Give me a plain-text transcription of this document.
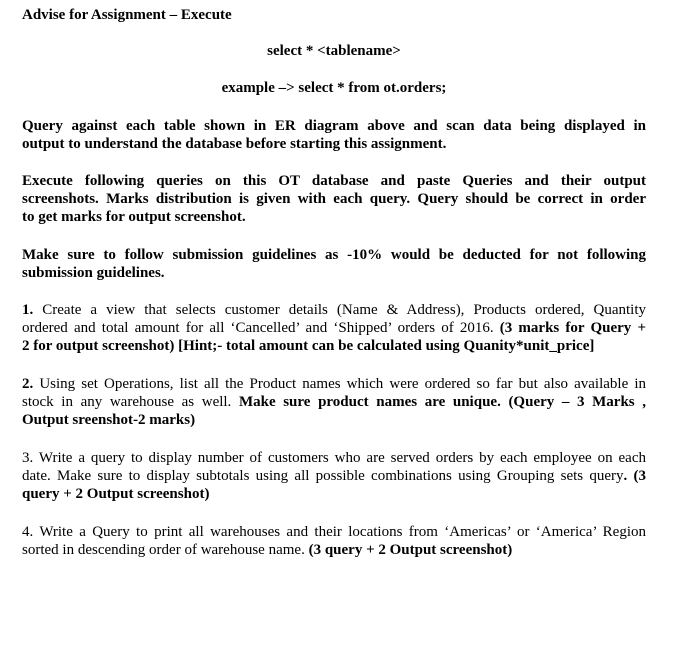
Advise for Assignment – Execute
select * <tablename>
example –> select * from ot.orders;
Query against each table shown in ER diagram above and scan data being displayed in
output to understand the database before starting this assignment.
Execute following queries on this OT database and paste Queries and their output
screenshots. Marks distribution is given with each query. Query should be correct in order
to get marks for output screenshot.
Make sure to follow submission guidelines as -10% would be deducted for not following
submission guidelines.
1. Create a view that selects customer details (Name & Address), Products ordered, Quantity
ordered and total amount for all ‘Cancelled’ and ‘Shipped’ orders of 2016. (3 marks for Query +
2 for output screenshot) [Hint;- total amount can be calculated using Quanity*unit_price]
2. Using set Operations, list all the Product names which were ordered so far but also available in
stock in any warehouse as well. Make sure product names are unique. (Query – 3 Marks ,
Output sreenshot-2 marks)
3. Write a query to display number of customers who are served orders by each employee on each
date. Make sure to display subtotals using all possible combinations using Grouping sets query. (3
query + 2 Output screenshot)
4. Write a Query to print all warehouses and their locations from ‘Americas’ or ‘America’ Region
sorted in descending order of warehouse name. (3 query + 2 Output screenshot)
